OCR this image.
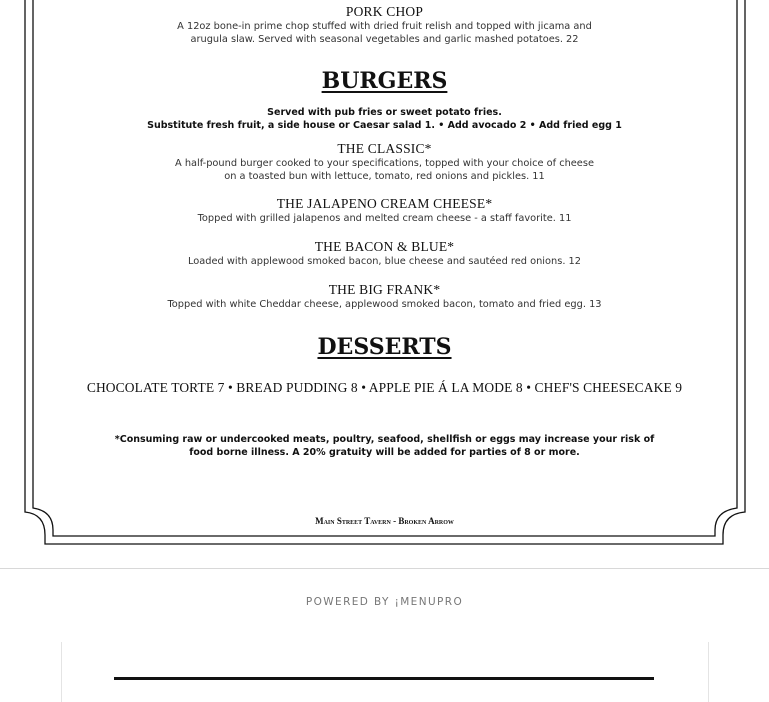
PORK CHOP
A 12oz bone-in prime chop stuffed with dried fruit relish and topped with jicama and
arugula slaw. Served with seasonal vegetables and garlic mashed potatoes. 22
BURGERS
Served with pub fries or sweet potato fries.
Substitute fresh fruit, a side house or Caesar salad 1. • Add avocado 2 • Add fried egg 1
THE CLASSIC*
A half-pound burger cooked to your specifications, topped with your choice of cheese
on a toasted bun with lettuce, tomato, red onions and pickles. 11
THE JALAPENO CREAM CHEESE*
Topped with grilled jalapenos and melted cream cheese - a staff favorite. 11
THE BACON & BLUE*
Loaded with applewood smoked bacon, blue cheese and sautéed red onions. 12
THE BIG FRANK*
Topped with white Cheddar cheese, applewood smoked bacon, tomato and fried egg. 13
DESSERTS
CHOCOLATE TORTE 7 • BREAD PUDDING 8 • APPLE PIE Á LA MODE 8 • CHEF'S CHEESECAKE 9
*Consuming raw or undercooked meats, poultry, seafood, shellfish or eggs may increase your risk of
food borne illness. A 20% gratuity will be added for parties of 8 or more.
Main Street Tavern - Broken Arrow
POWERED BY ¡MENUPRO
